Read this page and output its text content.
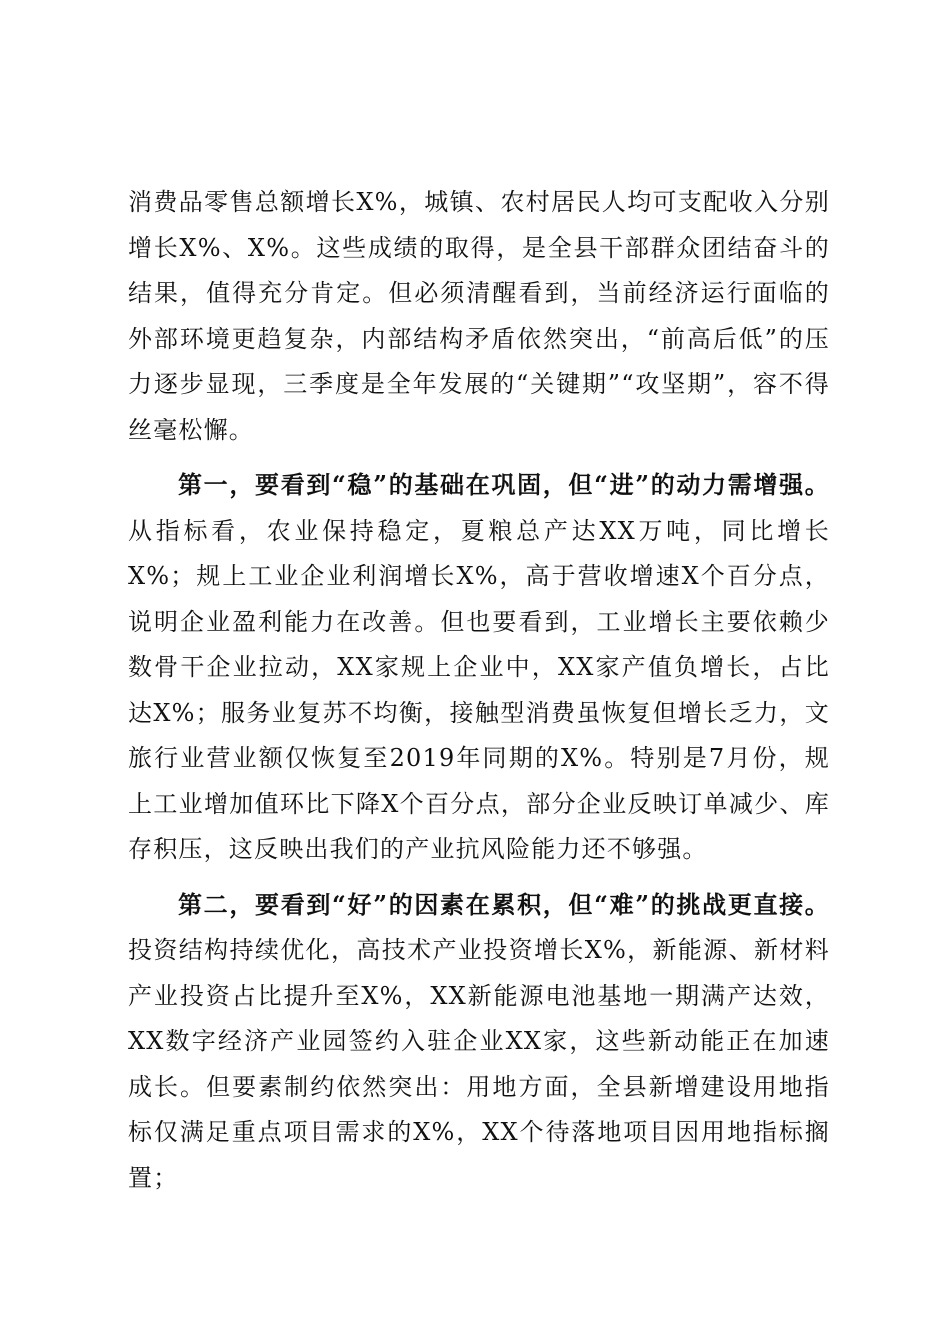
消费品零售总额增长X%，城镇、农村居民人均可支配收入分别增长X%、X%。这些成绩的取得，是全县干部群众团结奋斗的结果，值得充分肯定。但必须清醒看到，当前经济运行面临的外部环境更趋复杂，内部结构矛盾依然突出，“前高后低”的压力逐步显现，三季度是全年发展的“关键期”“攻坚期”，容不得丝毫松懈。

第一，要看到“稳”的基础在巩固，但“进”的动力需增强。从指标看，农业保持稳定，夏粮总产达XX万吨，同比增长X%；规上工业企业利润增长X%，高于营收增速X个百分点，说明企业盈利能力在改善。但也要看到，工业增长主要依赖少数骨干企业拉动，XX家规上企业中，XX家产值负增长，占比达X%；服务业复苏不均衡，接触型消费虽恢复但增长乏力，文旅行业营业额仅恢复至2019年同期的X%。特别是7月份，规上工业增加值环比下降X个百分点，部分企业反映订单减少、库存积压，这反映出我们的产业抗风险能力还不够强。

第二，要看到“好”的因素在累积，但“难”的挑战更直接。投资结构持续优化，高技术产业投资增长X%，新能源、新材料产业投资占比提升至X%，XX新能源电池基地一期满产达效，XX数字经济产业园签约入驻企业XX家，这些新动能正在加速成长。但要素制约依然突出：用地方面，全县新增建设用地指标仅满足重点项目需求的X%，XX个待落地项目因用地指标搁置；
